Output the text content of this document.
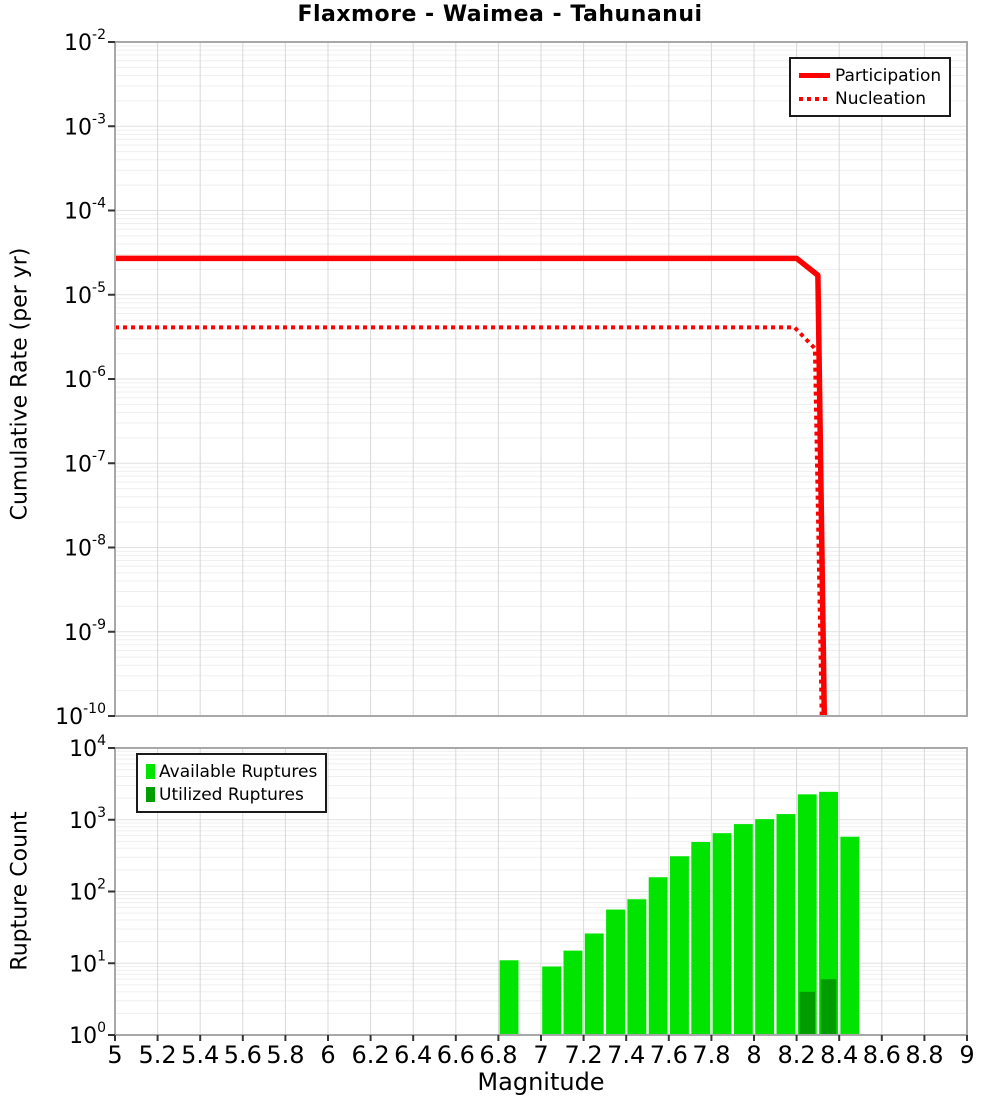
Flaxmore - Waimea - Tahunanui
Cumulative Rate (per yr)
Rupture Count
Magnitude
$10^{-2}$
$10^{-3}$
$10^{-4}$
$10^{-5}$
$10^{-6}$
$10^{-7}$
$10^{-8}$
$10^{-9}$
$10^{-10}$
$10^0$
$10^1$
$10^2$
$10^3$
$10^4$
5 5.2 5.4 5.6 5.8 6 6.2 6.4 6.6 6.8 7 7.2 7.4 7.6 7.8 8 8.2 8.4 8.6 8.8 9
Participation
Nucleation
Available Ruptures
Utilized Ruptures
